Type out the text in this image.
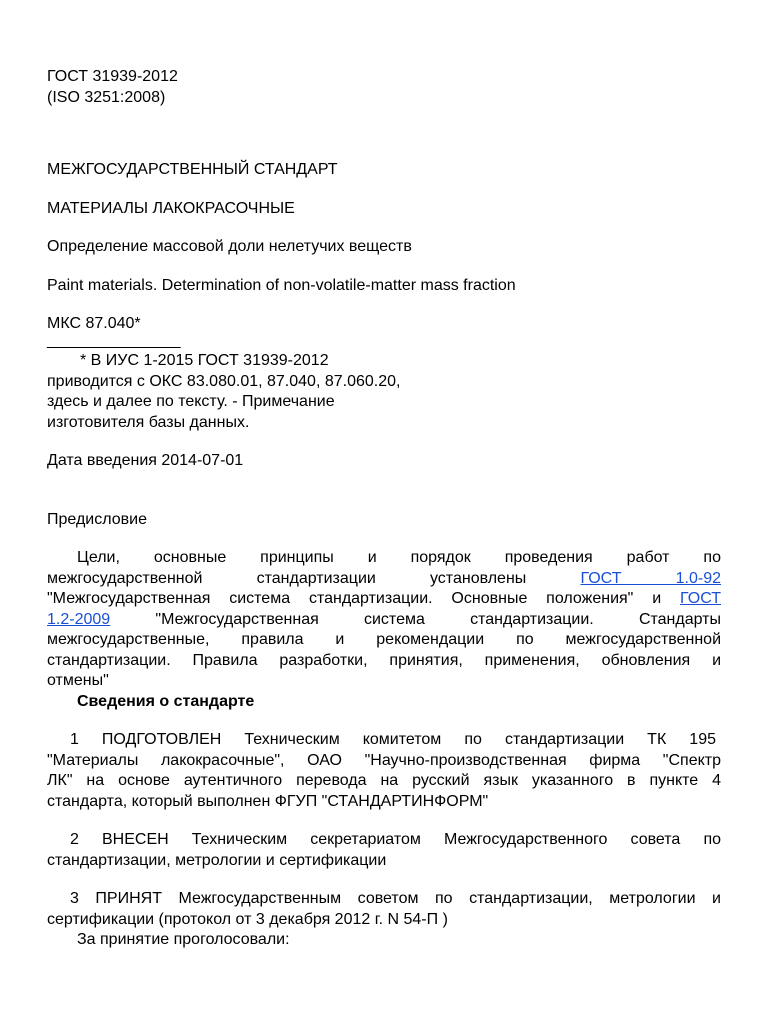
ГОСТ 31939-2012
(ISO 3251:2008)
МЕЖГОСУДАРСТВЕННЫЙ СТАНДАРТ
МАТЕРИАЛЫ ЛАКОКРАСОЧНЫЕ
Определение массовой доли нелетучих веществ
Paint materials. Determination of non-volatile-matter mass fraction
МКС 87.040*
_______________
* В ИУС 1-2015 ГОСТ 31939-2012
приводится с ОКС 83.080.01, 87.040, 87.060.20,
здесь и далее по тексту. - Примечание
изготовителя базы данных.
Дата введения 2014-07-01
Предисловие
Цели, основные принципы и порядок проведения работ по
межгосударственной стандартизации установлены	ГОСТ 1.0-92
"Межгосударственная система стандартизации. Основные положения" и ГОСТ
1.2-2009	"Межгосударственная система стандартизации. Стандарты
межгосударственные, правила и рекомендации по межгосударственной
стандартизации. Правила разработки, принятия, применения, обновления и
отмены"
Сведения о стандарте
1 ПОДГОТОВЛЕН Техническим комитетом по стандартизации ТК 195
"Материалы лакокрасочные", ОАО "Научно-производственная фирма "Спектр
ЛК" на основе аутентичного перевода на русский язык указанного в пункте 4
стандарта, который выполнен ФГУП "СТАНДАРТИНФОРМ"
2 ВНЕСЕН Техническим секретариатом Межгосударственного совета по
стандартизации, метрологии и сертификации
3 ПРИНЯТ Межгосударственным советом по стандартизации, метрологии и
сертификации (протокол от 3 декабря 2012 г. N 54-П )
За принятие проголосовали:
